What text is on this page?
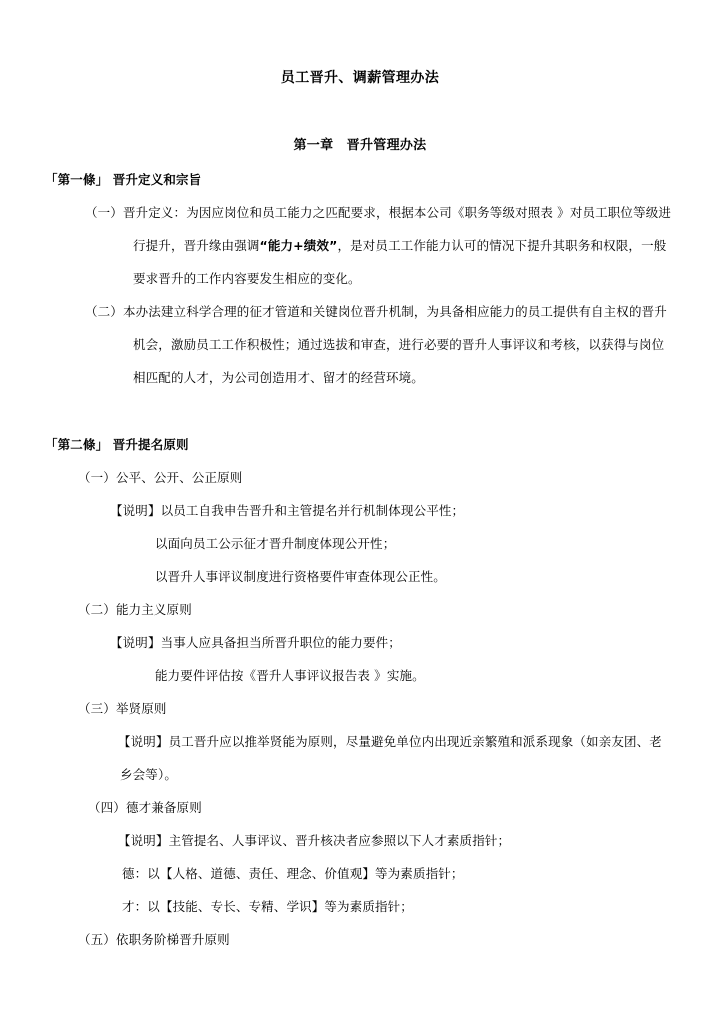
员工晋升、调薪管理办法
第一章　晋升管理办法
「第一條」 晋升定义和宗旨
（一）晋升定义：为因应岗位和员工能力之匹配要求，根据本公司《职务等级对照表 》对员工职位等级进
行提升，晋升缘由强调“能力+绩效”，是对员工工作能力认可的情况下提升其职务和权限，一般
要求晋升的工作内容要发生相应的变化。
（二）本办法建立科学合理的征才管道和关键岗位晋升机制，为具备相应能力的员工提供有自主权的晋升
机会，激励员工工作积极性；通过选拔和审查，进行必要的晋升人事评议和考核，以获得与岗位
相匹配的人才，为公司创造用才、留才的经营环境。
「第二條」 晋升提名原则
（一）公平、公开、公正原则
【说明】以员工自我申告晋升和主管提名并行机制体现公平性；
以面向员工公示征才晋升制度体现公开性；
以晋升人事评议制度进行资格要件审查体现公正性。
（二）能力主义原则
【说明】当事人应具备担当所晋升职位的能力要件；
能力要件评估按《晋升人事评议报告表 》实施。
（三）举贤原则
【说明】员工晋升应以推举贤能为原则，尽量避免单位内出现近亲繁殖和派系现象（如亲友团、老
乡会等）。
（四）德才兼备原则
【说明】主管提名、人事评议、晋升核决者应参照以下人才素质指针；
德：以【人格、道德、责任、理念、价值观】等为素质指针；
才：以【技能、专长、专精、学识】等为素质指针；
（五）依职务阶梯晋升原则
